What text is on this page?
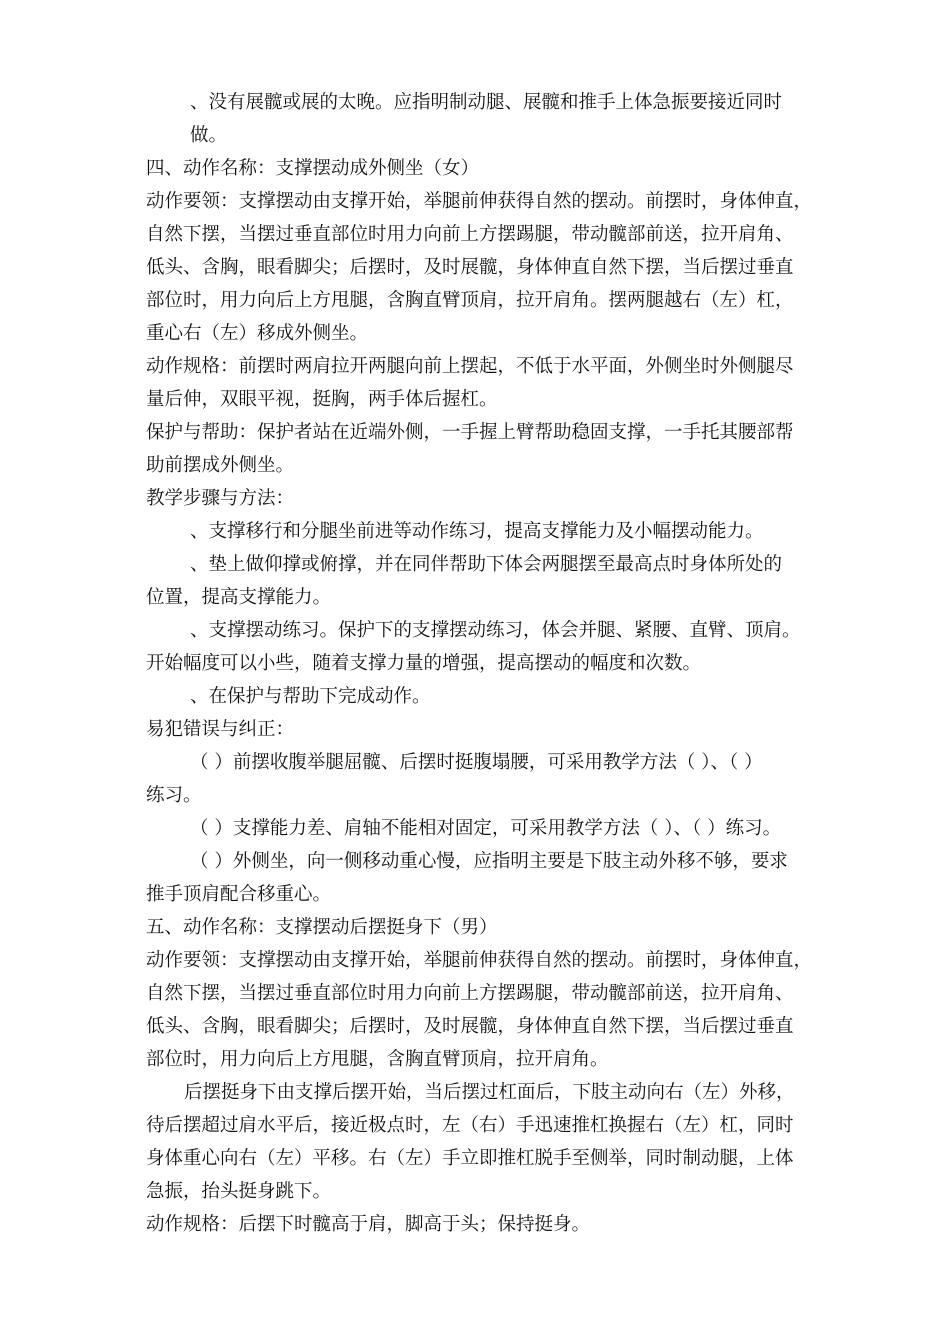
、没有展髋或展的太晚。应指明制动腿、展髋和推手上体急振要接近同时

做。

四、动作名称：支撑摆动成外侧坐（女）

动作要领：支撑摆动由支撑开始，举腿前伸获得自然的摆动。前摆时，身体伸直，

自然下摆，当摆过垂直部位时用力向前上方摆踢腿，带动髋部前送，拉开肩角、

低头、含胸，眼看脚尖；后摆时，及时展髋，身体伸直自然下摆，当后摆过垂直

部位时，用力向后上方甩腿，含胸直臂顶肩，拉开肩角。摆两腿越右（左）杠，

重心右（左）移成外侧坐。

动作规格：前摆时两肩拉开两腿向前上摆起，不低于水平面，外侧坐时外侧腿尽

量后伸，双眼平视，挺胸，两手体后握杠。

保护与帮助：保护者站在近端外侧，一手握上臂帮助稳固支撑，一手托其腰部帮

助前摆成外侧坐。

教学步骤与方法：

、支撑移行和分腿坐前进等动作练习，提高支撑能力及小幅摆动能力。

、垫上做仰撑或俯撑，并在同伴帮助下体会两腿摆至最高点时身体所处的

位置，提高支撑能力。

、支撑摆动练习。保护下的支撑摆动练习，体会并腿、紧腰、直臂、顶肩。

开始幅度可以小些，随着支撑力量的增强，提高摆动的幅度和次数。

、在保护与帮助下完成动作。

易犯错误与纠正：

（ ）前摆收腹举腿屈髋、后摆时挺腹塌腰，可采用教学方法（ ）、（ ）

练习。

（ ）支撑能力差、肩轴不能相对固定，可采用教学方法（ ）、（ ）练习。

（ ）外侧坐，向一侧移动重心慢，应指明主要是下肢主动外移不够，要求

推手顶肩配合移重心。

五、动作名称：支撑摆动后摆挺身下（男）

动作要领：支撑摆动由支撑开始，举腿前伸获得自然的摆动。前摆时，身体伸直，

自然下摆，当摆过垂直部位时用力向前上方摆踢腿，带动髋部前送，拉开肩角、

低头、含胸，眼看脚尖；后摆时，及时展髋，身体伸直自然下摆，当后摆过垂直

部位时，用力向后上方甩腿，含胸直臂顶肩，拉开肩角。

后摆挺身下由支撑后摆开始，当后摆过杠面后，下肢主动向右（左）外移，

待后摆超过肩水平后，接近极点时，左（右）手迅速推杠换握右（左）杠，同时

身体重心向右（左）平移。右（左）手立即推杠脱手至侧举，同时制动腿，上体

急振，抬头挺身跳下。

动作规格：后摆下时髋高于肩，脚高于头；保持挺身。
